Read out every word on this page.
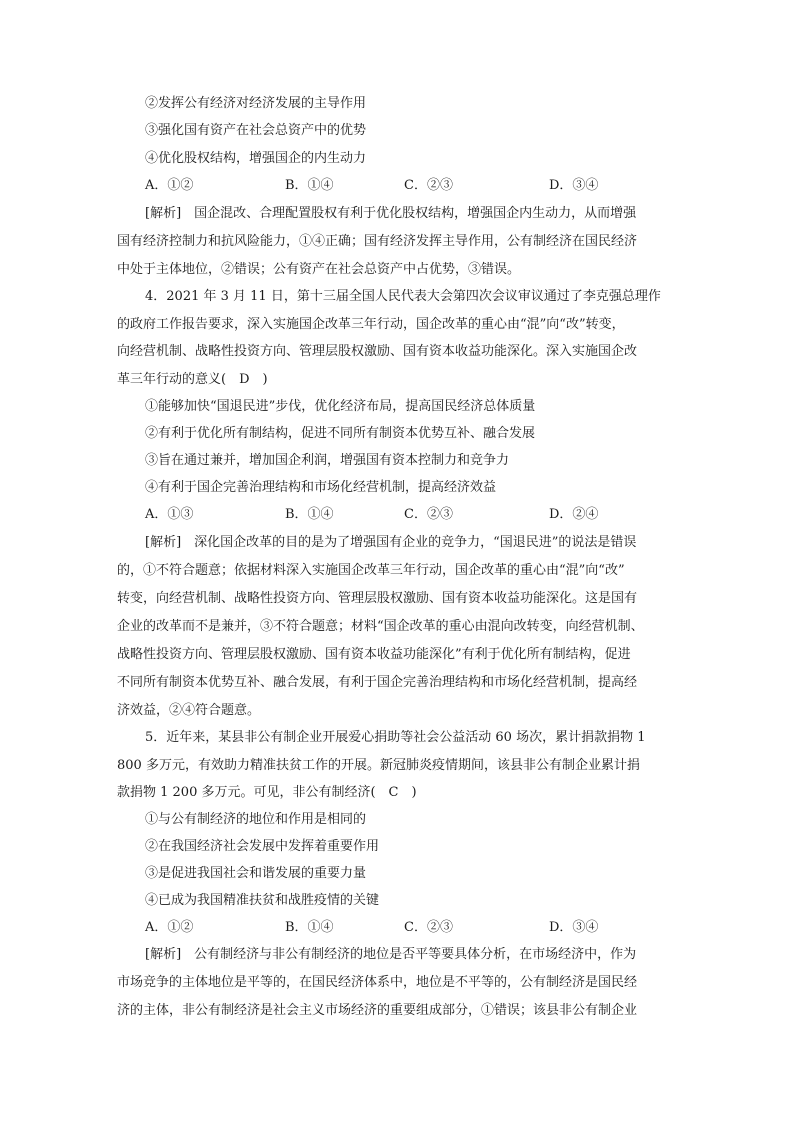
②发挥公有经济对经济发展的主导作用
③强化国有资产在社会总资产中的优势
④优化股权结构，增强国企的内生动力
A．①②	B．①④	C．②③	D．③④
[解析]　国企混改、合理配置股权有利于优化股权结构，增强国企内生动力，从而增强
国有经济控制力和抗风险能力，①④正确；国有经济发挥主导作用，公有制经济在国民经济
中处于主体地位，②错误；公有资产在社会总资产中占优势，③错误。
4．2021 年 3 月 11 日，第十三届全国人民代表大会第四次会议审议通过了李克强总理作
的政府工作报告要求，深入实施国企改革三年行动，国企改革的重心由“混”向“改”转变，
向经营机制、战略性投资方向、管理层股权激励、国有资本收益功能深化。深入实施国企改
革三年行动的意义(　D　)
①能够加快“国退民进”步伐，优化经济布局，提高国民经济总体质量
②有利于优化所有制结构，促进不同所有制资本优势互补、融合发展
③旨在通过兼并，增加国企利润，增强国有资本控制力和竞争力
④有利于国企完善治理结构和市场化经营机制，提高经济效益
A．①③	B．①④	C．②③	D．②④
[解析]　深化国企改革的目的是为了增强国有企业的竞争力，“国退民进”的说法是错误
的，①不符合题意；依据材料深入实施国企改革三年行动，国企改革的重心由“混”向“改”
转变，向经营机制、战略性投资方向、管理层股权激励、国有资本收益功能深化。这是国有
企业的改革而不是兼并，③不符合题意；材料“国企改革的重心由混向改转变，向经营机制、
战略性投资方向、管理层股权激励、国有资本收益功能深化”有利于优化所有制结构，促进
不同所有制资本优势互补、融合发展，有利于国企完善治理结构和市场化经营机制，提高经
济效益，②④符合题意。
5．近年来，某县非公有制企业开展爱心捐助等社会公益活动 60 场次，累计捐款捐物 1
800 多万元，有效助力精准扶贫工作的开展。新冠肺炎疫情期间，该县非公有制企业累计捐
款捐物 1 200 多万元。可见，非公有制经济(　C　)
①与公有制经济的地位和作用是相同的
②在我国经济社会发展中发挥着重要作用
③是促进我国社会和谐发展的重要力量
④已成为我国精准扶贫和战胜疫情的关键
A．①②	B．①④	C．②③	D．③④
[解析]　公有制经济与非公有制经济的地位是否平等要具体分析，在市场经济中，作为
市场竞争的主体地位是平等的，在国民经济体系中，地位是不平等的，公有制经济是国民经
济的主体，非公有制经济是社会主义市场经济的重要组成部分，①错误；该县非公有制企业
